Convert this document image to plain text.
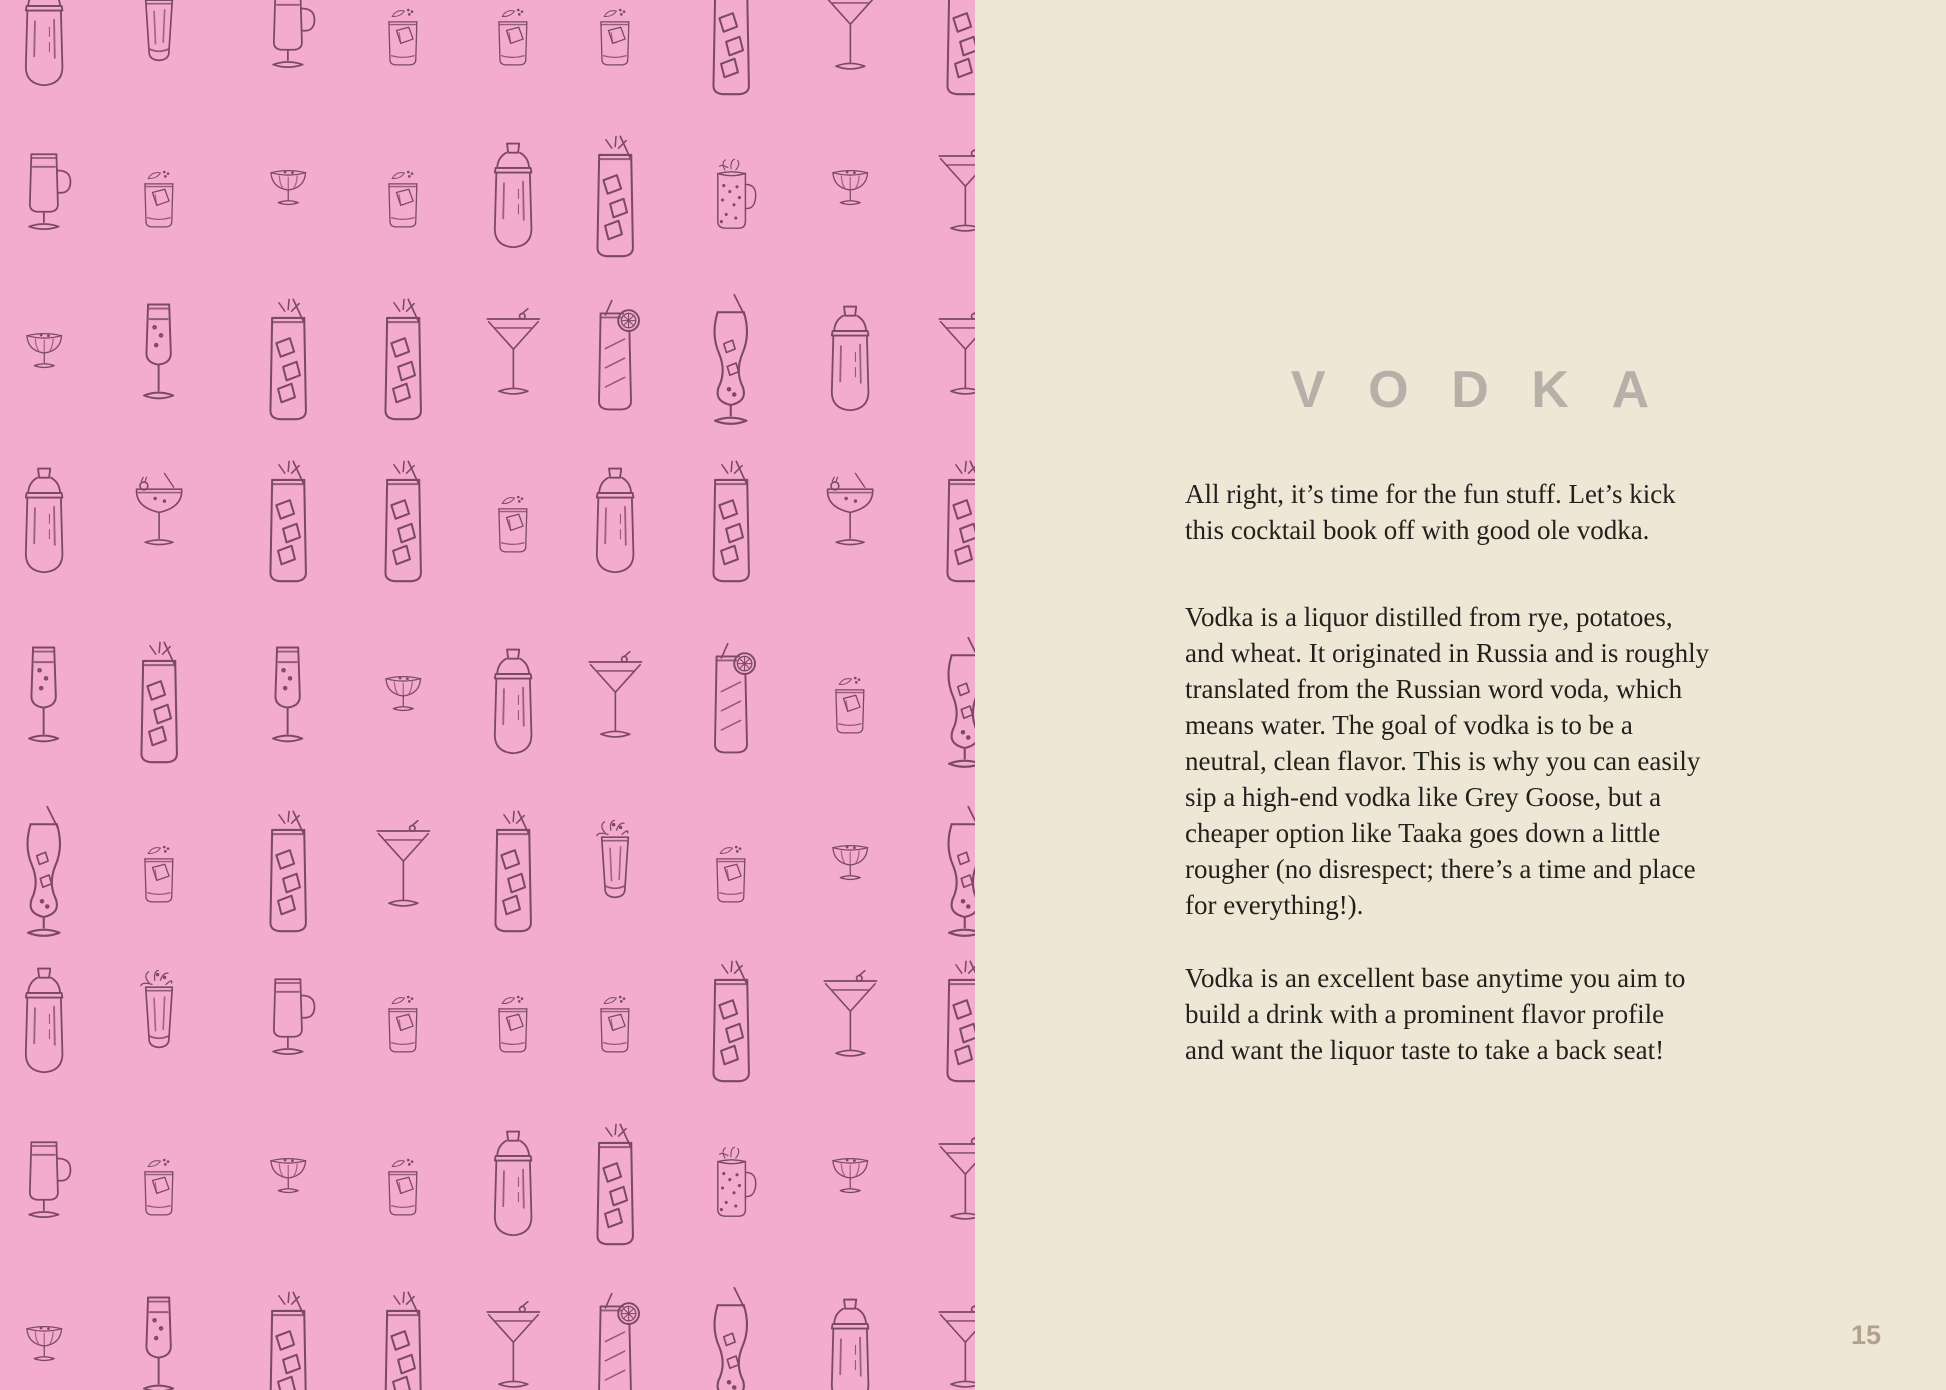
VODKA

All right, it’s time for the fun stuff. Let’s kick
this cocktail book off with good ole vodka.

Vodka is a liquor distilled from rye, potatoes,
and wheat. It originated in Russia and is roughly
translated from the Russian word voda, which
means water. The goal of vodka is to be a
neutral, clean flavor. This is why you can easily
sip a high-end vodka like Grey Goose, but a
cheaper option like Taaka goes down a little
rougher (no disrespect; there’s a time and place
for everything!).

Vodka is an excellent base anytime you aim to
build a drink with a prominent flavor profile
and want the liquor taste to take a back seat!

15
